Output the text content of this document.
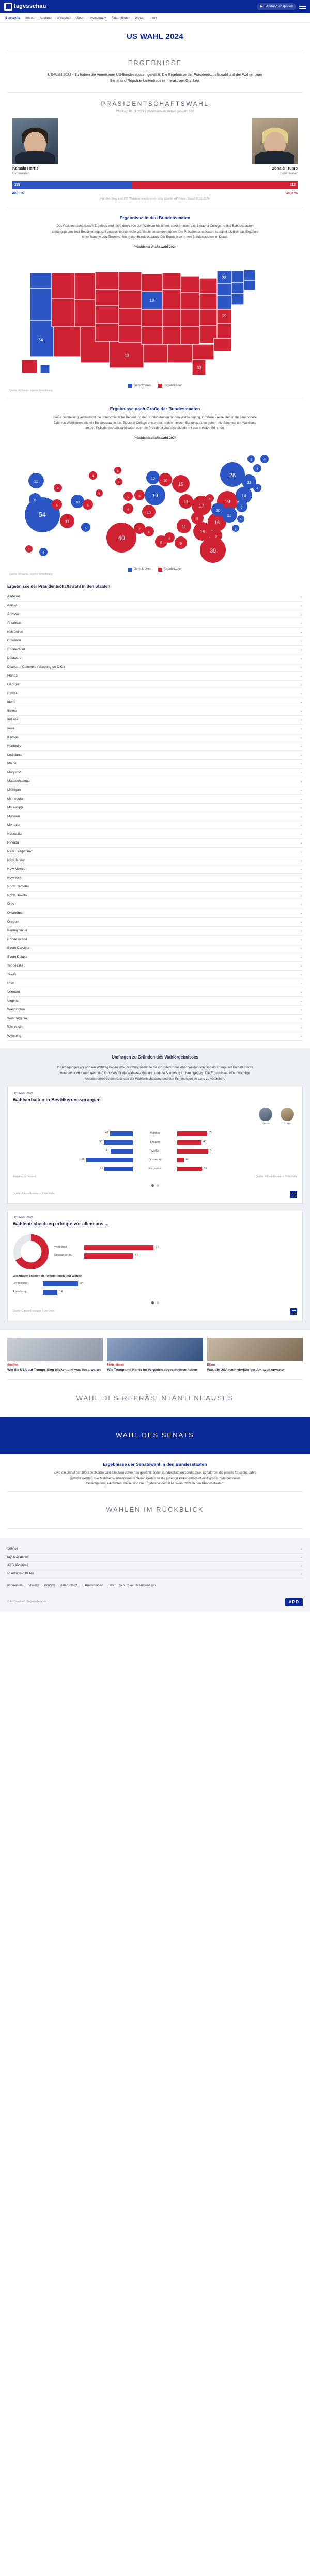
tagesschau	▶ Sendung abspielen
Startseite Inland Ausland Wirtschaft Sport Investigativ Faktenfinder Wetter mehr
US WAHL 2024
ERGEBNISSE
US-Wahl 2024 - So haben die Amerikaner US-Bundesstaaten gewählt: Die Ergebnisse der Präsidentschaftswahl und der Wahlen zum Senat und Repräsentantenhaus in interaktiven Grafiken.
PRÄSIDENTSCHAFTSWAHL
Wahltag: 05.11.2024 | Wahlmännerstimmen gesamt: 538
Kamala Harris
Demokraten
Donald Trump
Republikaner
226	312
48,3 %	49,9 %
Für den Sieg sind 270 Wahlmännerstimmen nötig. Quelle: AP/News, Stand 06.11.2024
Ergebnisse in den Bundesstaaten
Das Präsidentschaftswahl-Ergebnis wird nicht direkt von den Wählern bestimmt, sondern über das Electoral College. In das Bundesstaaten abhängige von ihrer Bevölkerungszahl unterschiedlich viele Wahlleute entsenden dürfen. Die Präsidentschaftswahl ist damit letztlich das Ergebnis einer Summe von Einzelwahlen in den Bundesstaaten. Die Ergebnisse in den Bundesstaaten im Detail:
Präsidentschaftswahl 2024
54
40
30
28
19
19
Demokraten	Republikaner
Quelle: AP/News, eigene Berechnung
Ergebnisse nach Größe der Bundesstaaten
Diese Darstellung verdeutlicht die unterschiedliche Bedeutung der Bundesstaaten für den Wahlausgang. Größere Kreise stehen für eine höhere Zahl von Wahlleuten, die ein Bundesstaat in das Electoral College entsendet. In den meisten Bundesstaaten gehen alle Stimmen der Wahlleute an den Präsidentschaftskandidaten oder die Präsidentschaftskandidatin mit den meisten Stimmen.
Präsidentschaftswahl 2024
54
40
30
28
19
19
17
16
16
15
14
13
12
11
11
11
11
10
10
10
10
10
9
9
8
8
8
7
7
6
6
6
6
6
6
5
5
4
4
4
4
4
4
4
3
3
3
3
3
3
3
Demokraten	Republikaner
Quelle: AP/News, eigene Berechnung
Ergebnisse der Präsidentschaftswahl in den Staaten
Alabama	⌄
Alaska	⌄
Arizona	⌄
Arkansas	⌄
Kalifornien	⌄
Colorado	⌄
Connecticut	⌄
Delaware	⌄
District of Columbia (Washington D.C.)	⌄
Florida	⌄
Georgia	⌄
Hawaii	⌄
Idaho	⌄
Illinois	⌄
Indiana	⌄
Iowa	⌄
Kansas	⌄
Kentucky	⌄
Louisiana	⌄
Maine	⌄
Maryland	⌄
Massachusetts	⌄
Michigan	⌄
Minnesota	⌄
Mississippi	⌄
Missouri	⌄
Montana	⌄
Nebraska	⌄
Nevada	⌄
New Hampshire	⌄
New Jersey	⌄
New Mexico	⌄
New York	⌄
North Carolina	⌄
North Dakota	⌄
Ohio	⌄
Oklahoma	⌄
Oregon	⌄
Pennsylvania	⌄
Rhode Island	⌄
South Carolina	⌄
South Dakota	⌄
Tennessee	⌄
Texas	⌄
Utah	⌄
Vermont	⌄
Virginia	⌄
Washington	⌄
West Virginia	⌄
Wisconsin	⌄
Wyoming	⌄
Umfragen zu Gründen des Wahlergebnisses
In Befragungen vor und am Wahltag haben US-Forschungsinstitute die Gründe für das Abschneiden von Donald Trump und Kamala Harris untersucht und auch nach den Gründen für die Wahlentscheidung und die Stimmung im Land gefragt. Die Ergebnisse helfen, wichtige Anhaltspunkte zu den Gründen der Wahlentscheidung und den Stimmungen im Land zu verstehen.
US-Wahl 2024
Wahlverhalten in Bevölkerungsgruppen
Harris	Trump
42	Männer	55
53	Frauen	45
41	Weiße	57
86	Schwarze	12
52	Hispanics	46
Angaben in Prozent	Quelle: Edison Research / Exit Polls
Quelle: Edison Research / Exit Polls
US-Wahl 2024
Wahlentscheidung erfolgte vor allem aus ...
Wirtschaft	67
Einwanderung	47
Wichtigste Themen der Wählerinnen und Wähler
Demokratie	34
Abtreibung	14
Quelle: Edison Research / Exit Polls
Analyse
Wie die USA auf Trumps Sieg blicken und was ihn erwartet
Faktenfinder
Wie Trump und Harris im Vergleich abgeschnitten haben
Bilanz
Was die USA nach vierjähriger Amtszeit erwartet
WAHL DES REPRÄSENTANTENHAUSES
WAHL DES SENATS
Ergebnisse der Senatswahl in den Bundesstaaten
Etwa ein Drittel der 100 Senatssitze wird alle zwei Jahre neu gewählt. Jeder Bundesstaat entsendet zwei Senatoren, die jeweils für sechs Jahre gewählt werden. Die Mehrheitsverhältnisse im Senat spielen für die jeweilige Präsidentschaft eine große Rolle bei vielen Gesetzgebungsverfahren. Diese sind die Ergebnisse der Senatswahl 2024 in den Bundesstaaten:
WAHLEN IM RÜCKBLICK
Service	⌄
tagesschau.de	⌄
ARD Angebote	⌄
Rundfunkanstalten	⌄
Impressum Sitemap Kontakt Datenschutz Barrierefreiheit Hilfe Schutz vor Desinformation
© ARD-aktuell / tagesschau.de	ARD
